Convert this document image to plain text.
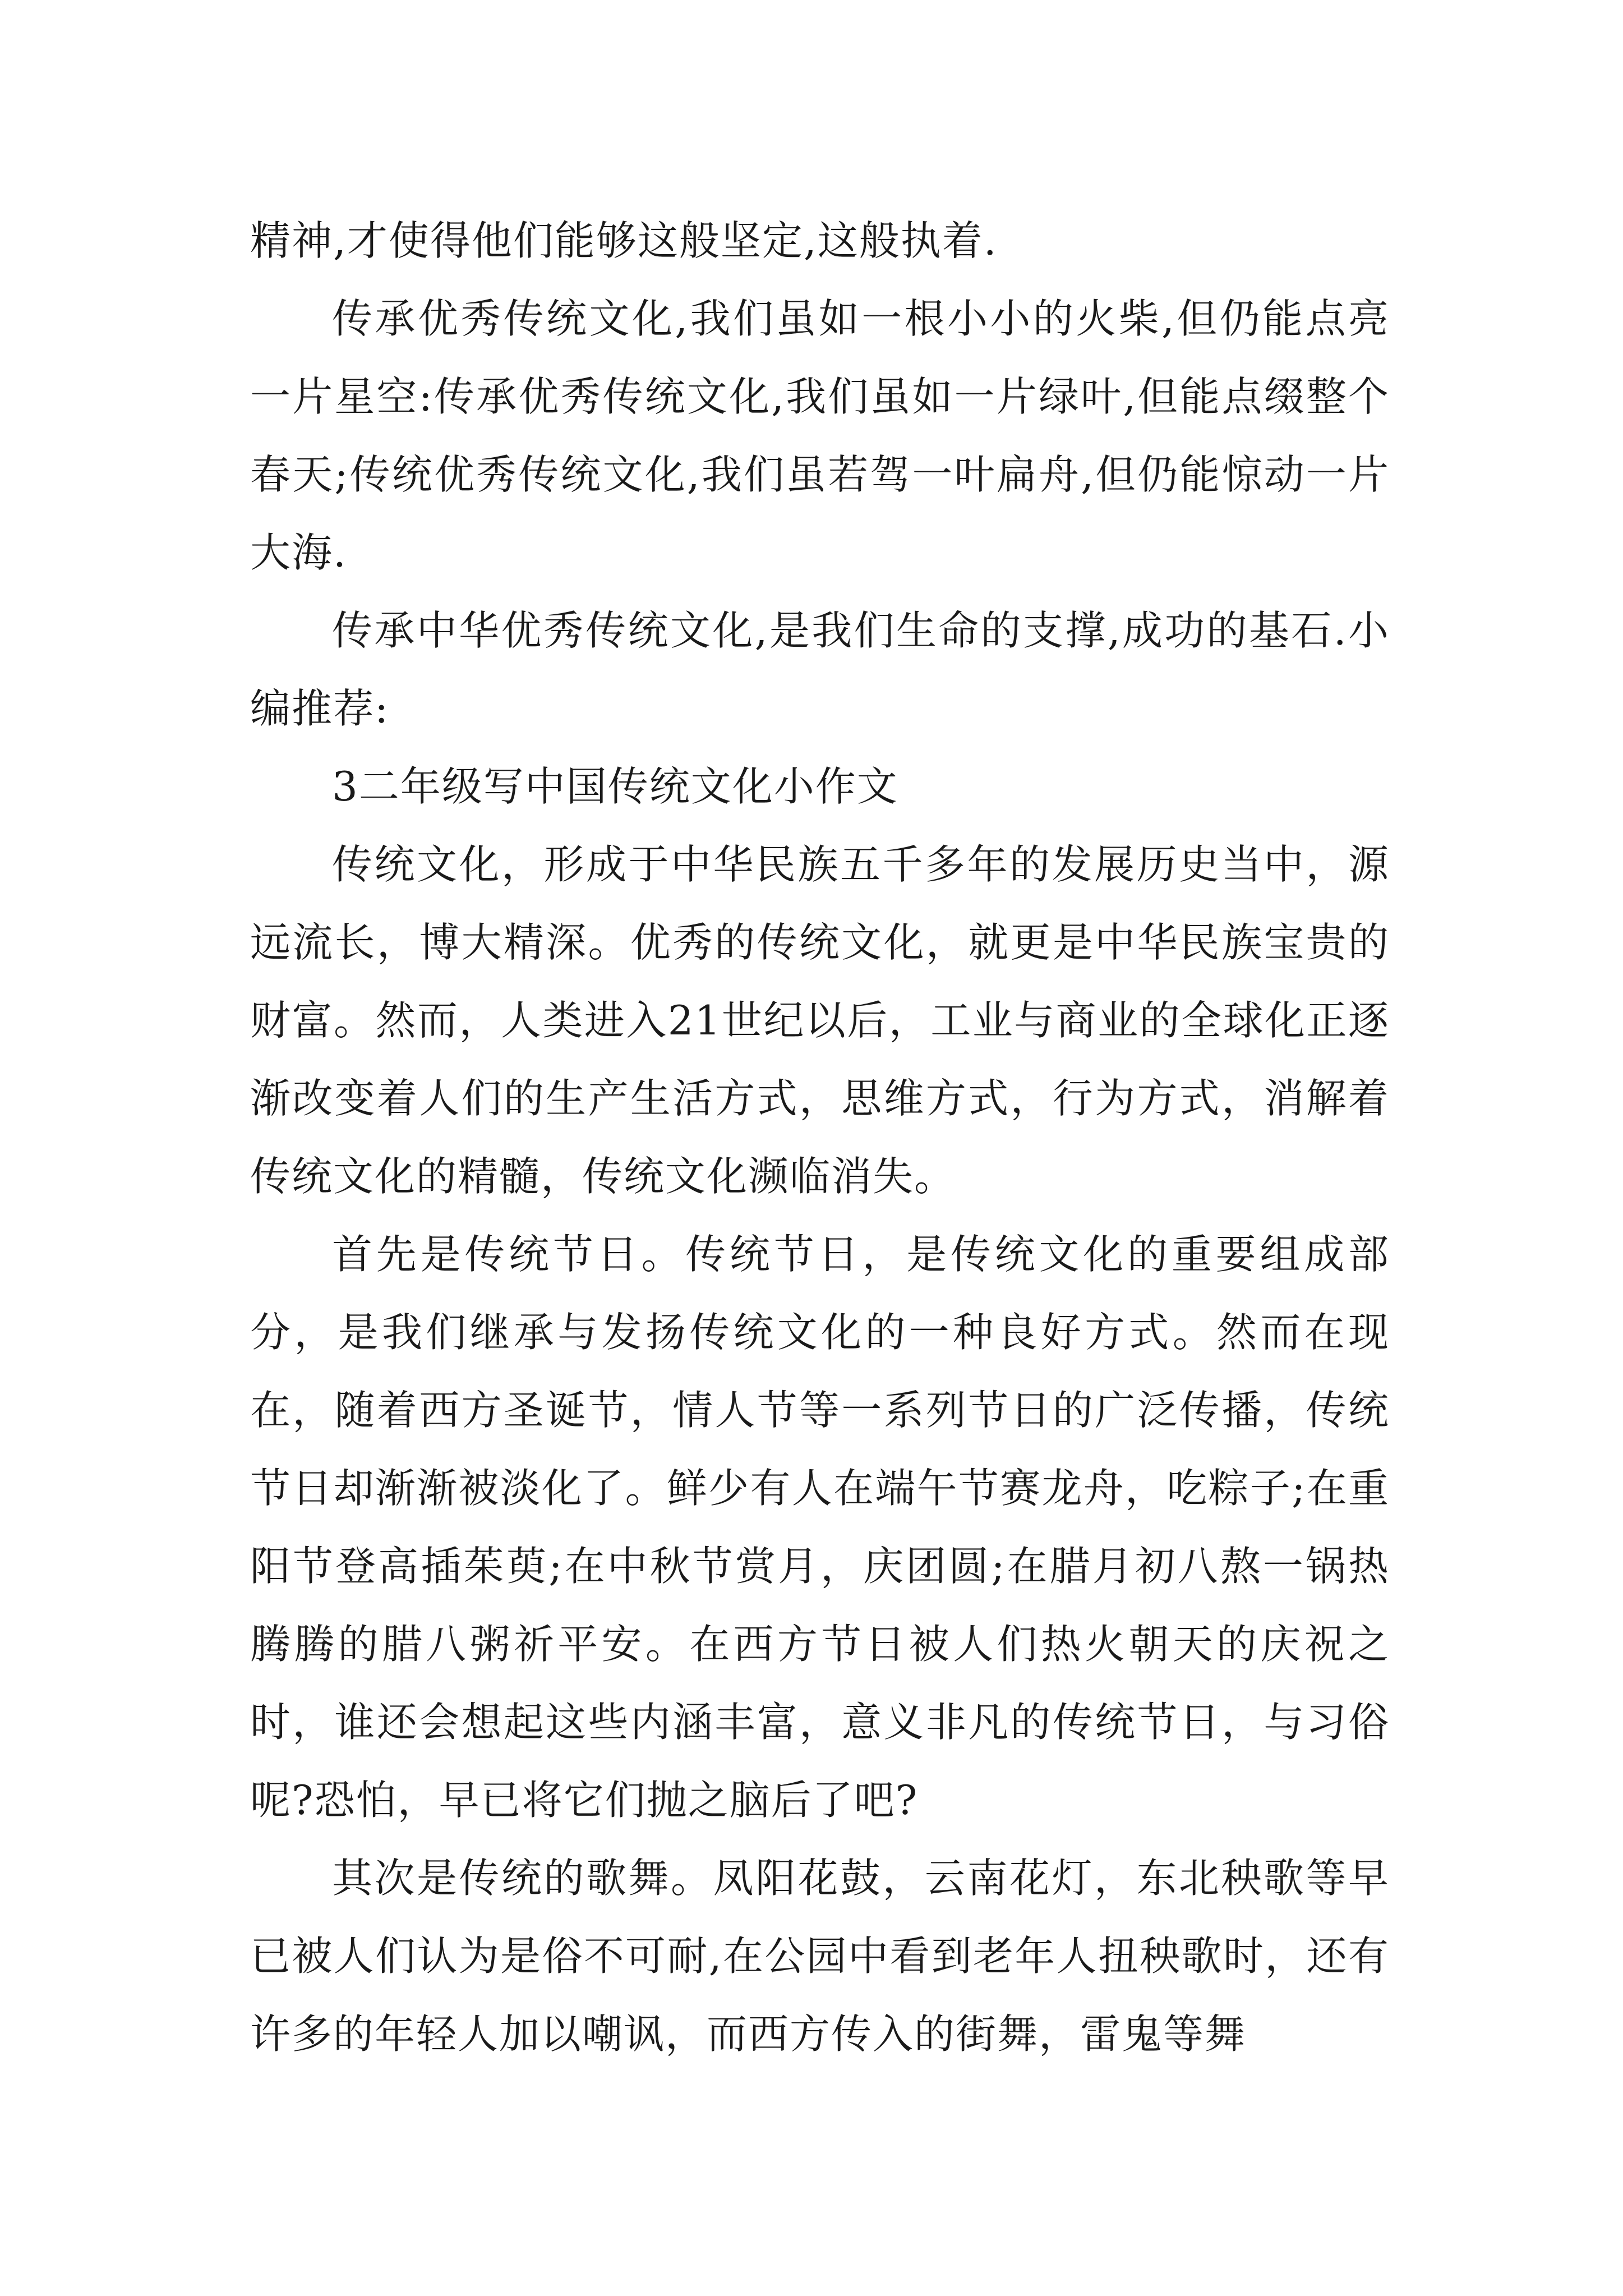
精神,才使得他们能够这般坚定,这般执着.

传承优秀传统文化,我们虽如一根小小的火柴,但仍能点亮一片星空:传承优秀传统文化,我们虽如一片绿叶,但能点缀整个春天;传统优秀传统文化,我们虽若驾一叶扁舟,但仍能惊动一片大海.

传承中华优秀传统文化,是我们生命的支撑,成功的基石.小编推荐:

3二年级写中国传统文化小作文

传统文化，形成于中华民族五千多年的发展历史当中，源远流长，博大精深。优秀的传统文化，就更是中华民族宝贵的财富。然而，人类进入21世纪以后，工业与商业的全球化正逐渐改变着人们的生产生活方式，思维方式，行为方式，消解着传统文化的精髓，传统文化濒临消失。

首先是传统节日。传统节日，是传统文化的重要组成部分，是我们继承与发扬传统文化的一种良好方式。然而在现在，随着西方圣诞节，情人节等一系列节日的广泛传播，传统节日却渐渐被淡化了。鲜少有人在端午节赛龙舟，吃粽子;在重阳节登高插茱萸;在中秋节赏月，庆团圆;在腊月初八熬一锅热腾腾的腊八粥祈平安。在西方节日被人们热火朝天的庆祝之时，谁还会想起这些内涵丰富，意义非凡的传统节日，与习俗呢?恐怕，早已将它们抛之脑后了吧?

其次是传统的歌舞。凤阳花鼓，云南花灯，东北秧歌等早已被人们认为是俗不可耐,在公园中看到老年人扭秧歌时，还有许多的年轻人加以嘲讽，而西方传入的街舞，雷鬼等舞
